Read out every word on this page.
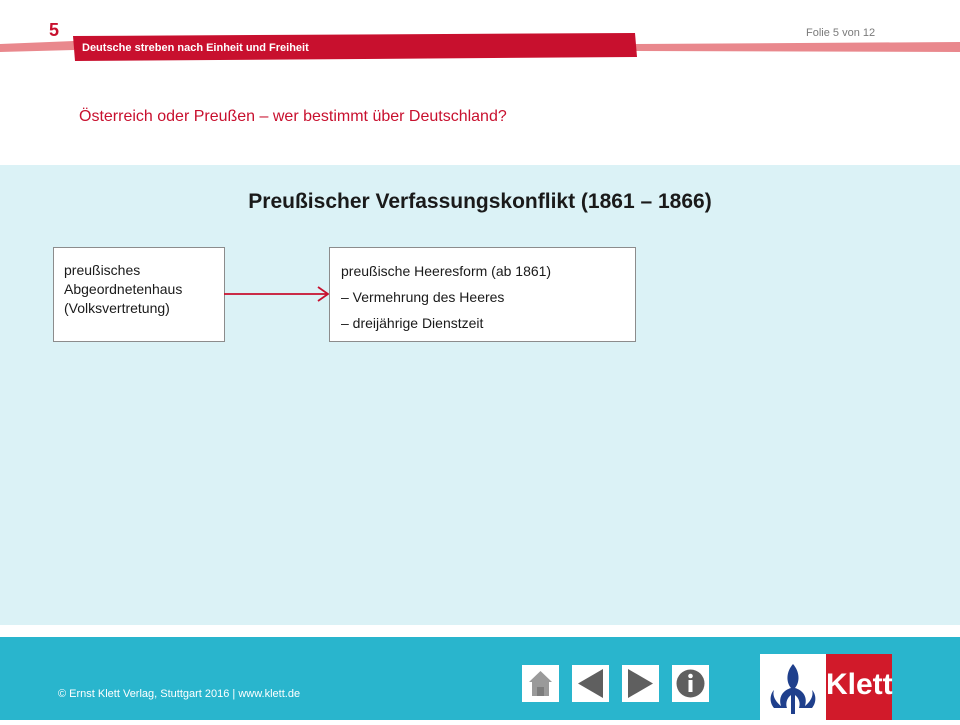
5	Folie 5 von 12
Deutsche streben nach Einheit und Freiheit
Österreich oder Preußen – wer bestimmt über Deutschland?
Preußischer Verfassungskonflikt (1861 – 1866)
preußisches
Abgeordnetenhaus
(Volksvertretung)
preußische Heeresform (ab 1861)
– Vermehrung des Heeres
– dreijährige Dienstzeit
© Ernst Klett Verlag, Stuttgart 2016 | www.klett.de	Klett
